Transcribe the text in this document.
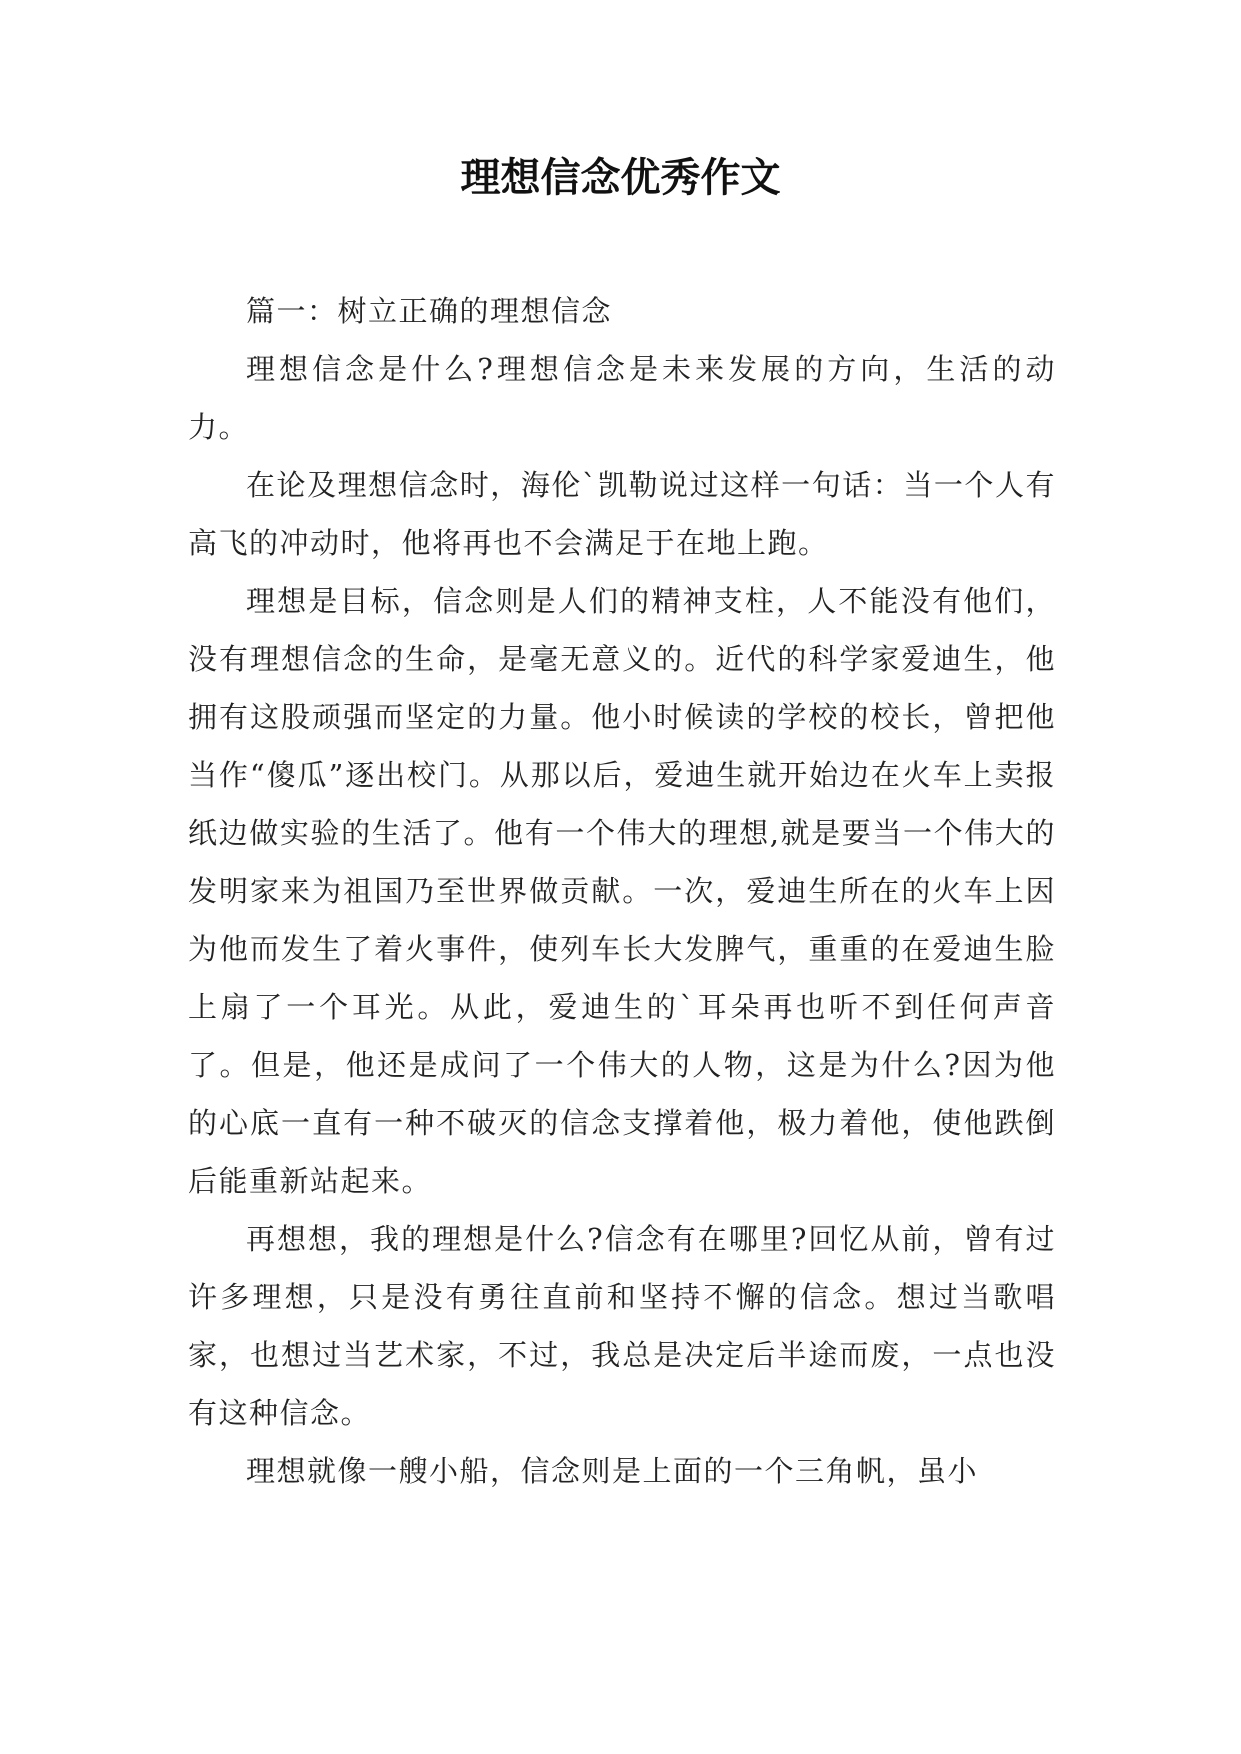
理想信念优秀作文

篇一：树立正确的理想信念

理想信念是什么?理想信念是未来发展的方向，生活的动力。

在论及理想信念时，海伦`凯勒说过这样一句话：当一个人有高飞的冲动时，他将再也不会满足于在地上跑。

理想是目标，信念则是人们的精神支柱，人不能没有他们，没有理想信念的生命，是毫无意义的。近代的科学家爱迪生，他拥有这股顽强而坚定的力量。他小时候读的学校的校长，曾把他当作“傻瓜”逐出校门。从那以后，爱迪生就开始边在火车上卖报纸边做实验的生活了。他有一个伟大的理想,就是要当一个伟大的发明家来为祖国乃至世界做贡献。一次，爱迪生所在的火车上因为他而发生了着火事件，使列车长大发脾气，重重的在爱迪生脸上扇了一个耳光。从此，爱迪生的`耳朵再也听不到任何声音了。但是，他还是成问了一个伟大的人物，这是为什么?因为他的心底一直有一种不破灭的信念支撑着他，极力着他，使他跌倒后能重新站起来。

再想想，我的理想是什么?信念有在哪里?回忆从前，曾有过许多理想，只是没有勇往直前和坚持不懈的信念。想过当歌唱家，也想过当艺术家，不过，我总是决定后半途而废，一点也没有这种信念。

理想就像一艘小船，信念则是上面的一个三角帆，虽小
